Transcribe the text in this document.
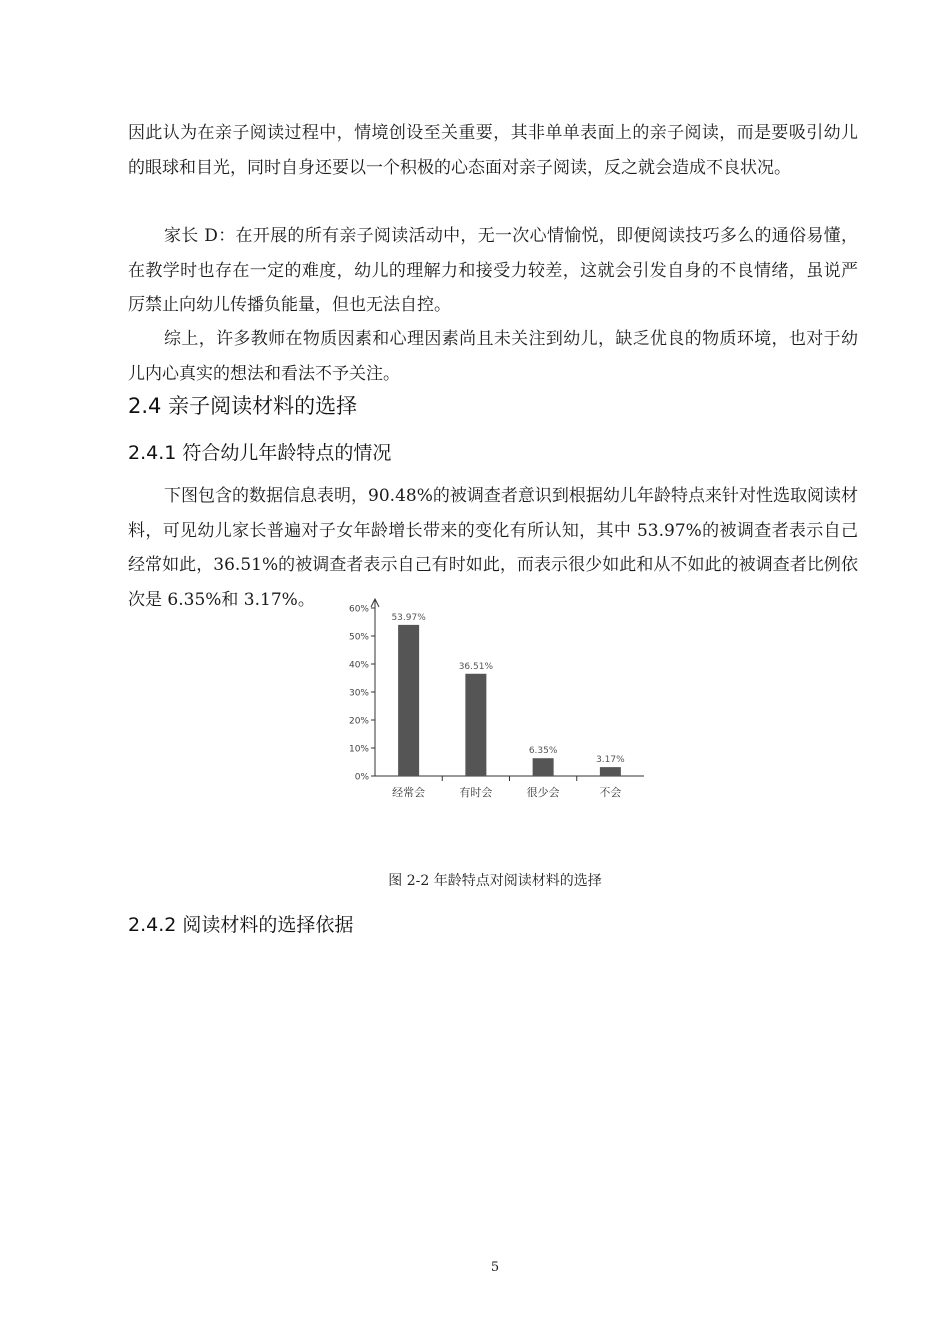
因此认为在亲子阅读过程中，情境创设至关重要，其非单单表面上的亲子阅读，而是要吸引幼儿的眼球和目光，同时自身还要以一个积极的心态面对亲子阅读，反之就会造成不良状况。

家长 D：在开展的所有亲子阅读活动中，无一次心情愉悦，即便阅读技巧多么的通俗易懂，在教学时也存在一定的难度，幼儿的理解力和接受力较差，这就会引发自身的不良情绪，虽说严厉禁止向幼儿传播负能量，但也无法自控。

综上，许多教师在物质因素和心理因素尚且未关注到幼儿，缺乏优良的物质环境，也对于幼儿内心真实的想法和看法不予关注。

2.4 亲子阅读材料的选择
2.4.1 符合幼儿年龄特点的情况

下图包含的数据信息表明，90.48%的被调查者意识到根据幼儿年龄特点来针对性选取阅读材料，可见幼儿家长普遍对子女年龄增长带来的变化有所认知，其中 53.97%的被调查者表示自己经常如此，36.51%的被调查者表示自己有时如此，而表示很少如此和从不如此的被调查者比例依次是 6.35%和 3.17%。

0%
10%
20%
30%
40%
50%
60%
53.97%
经常会
36.51%
有时会
6.35%
很少会
3.17%
不会

图 2-2 年龄特点对阅读材料的选择

2.4.2 阅读材料的选择依据

5
